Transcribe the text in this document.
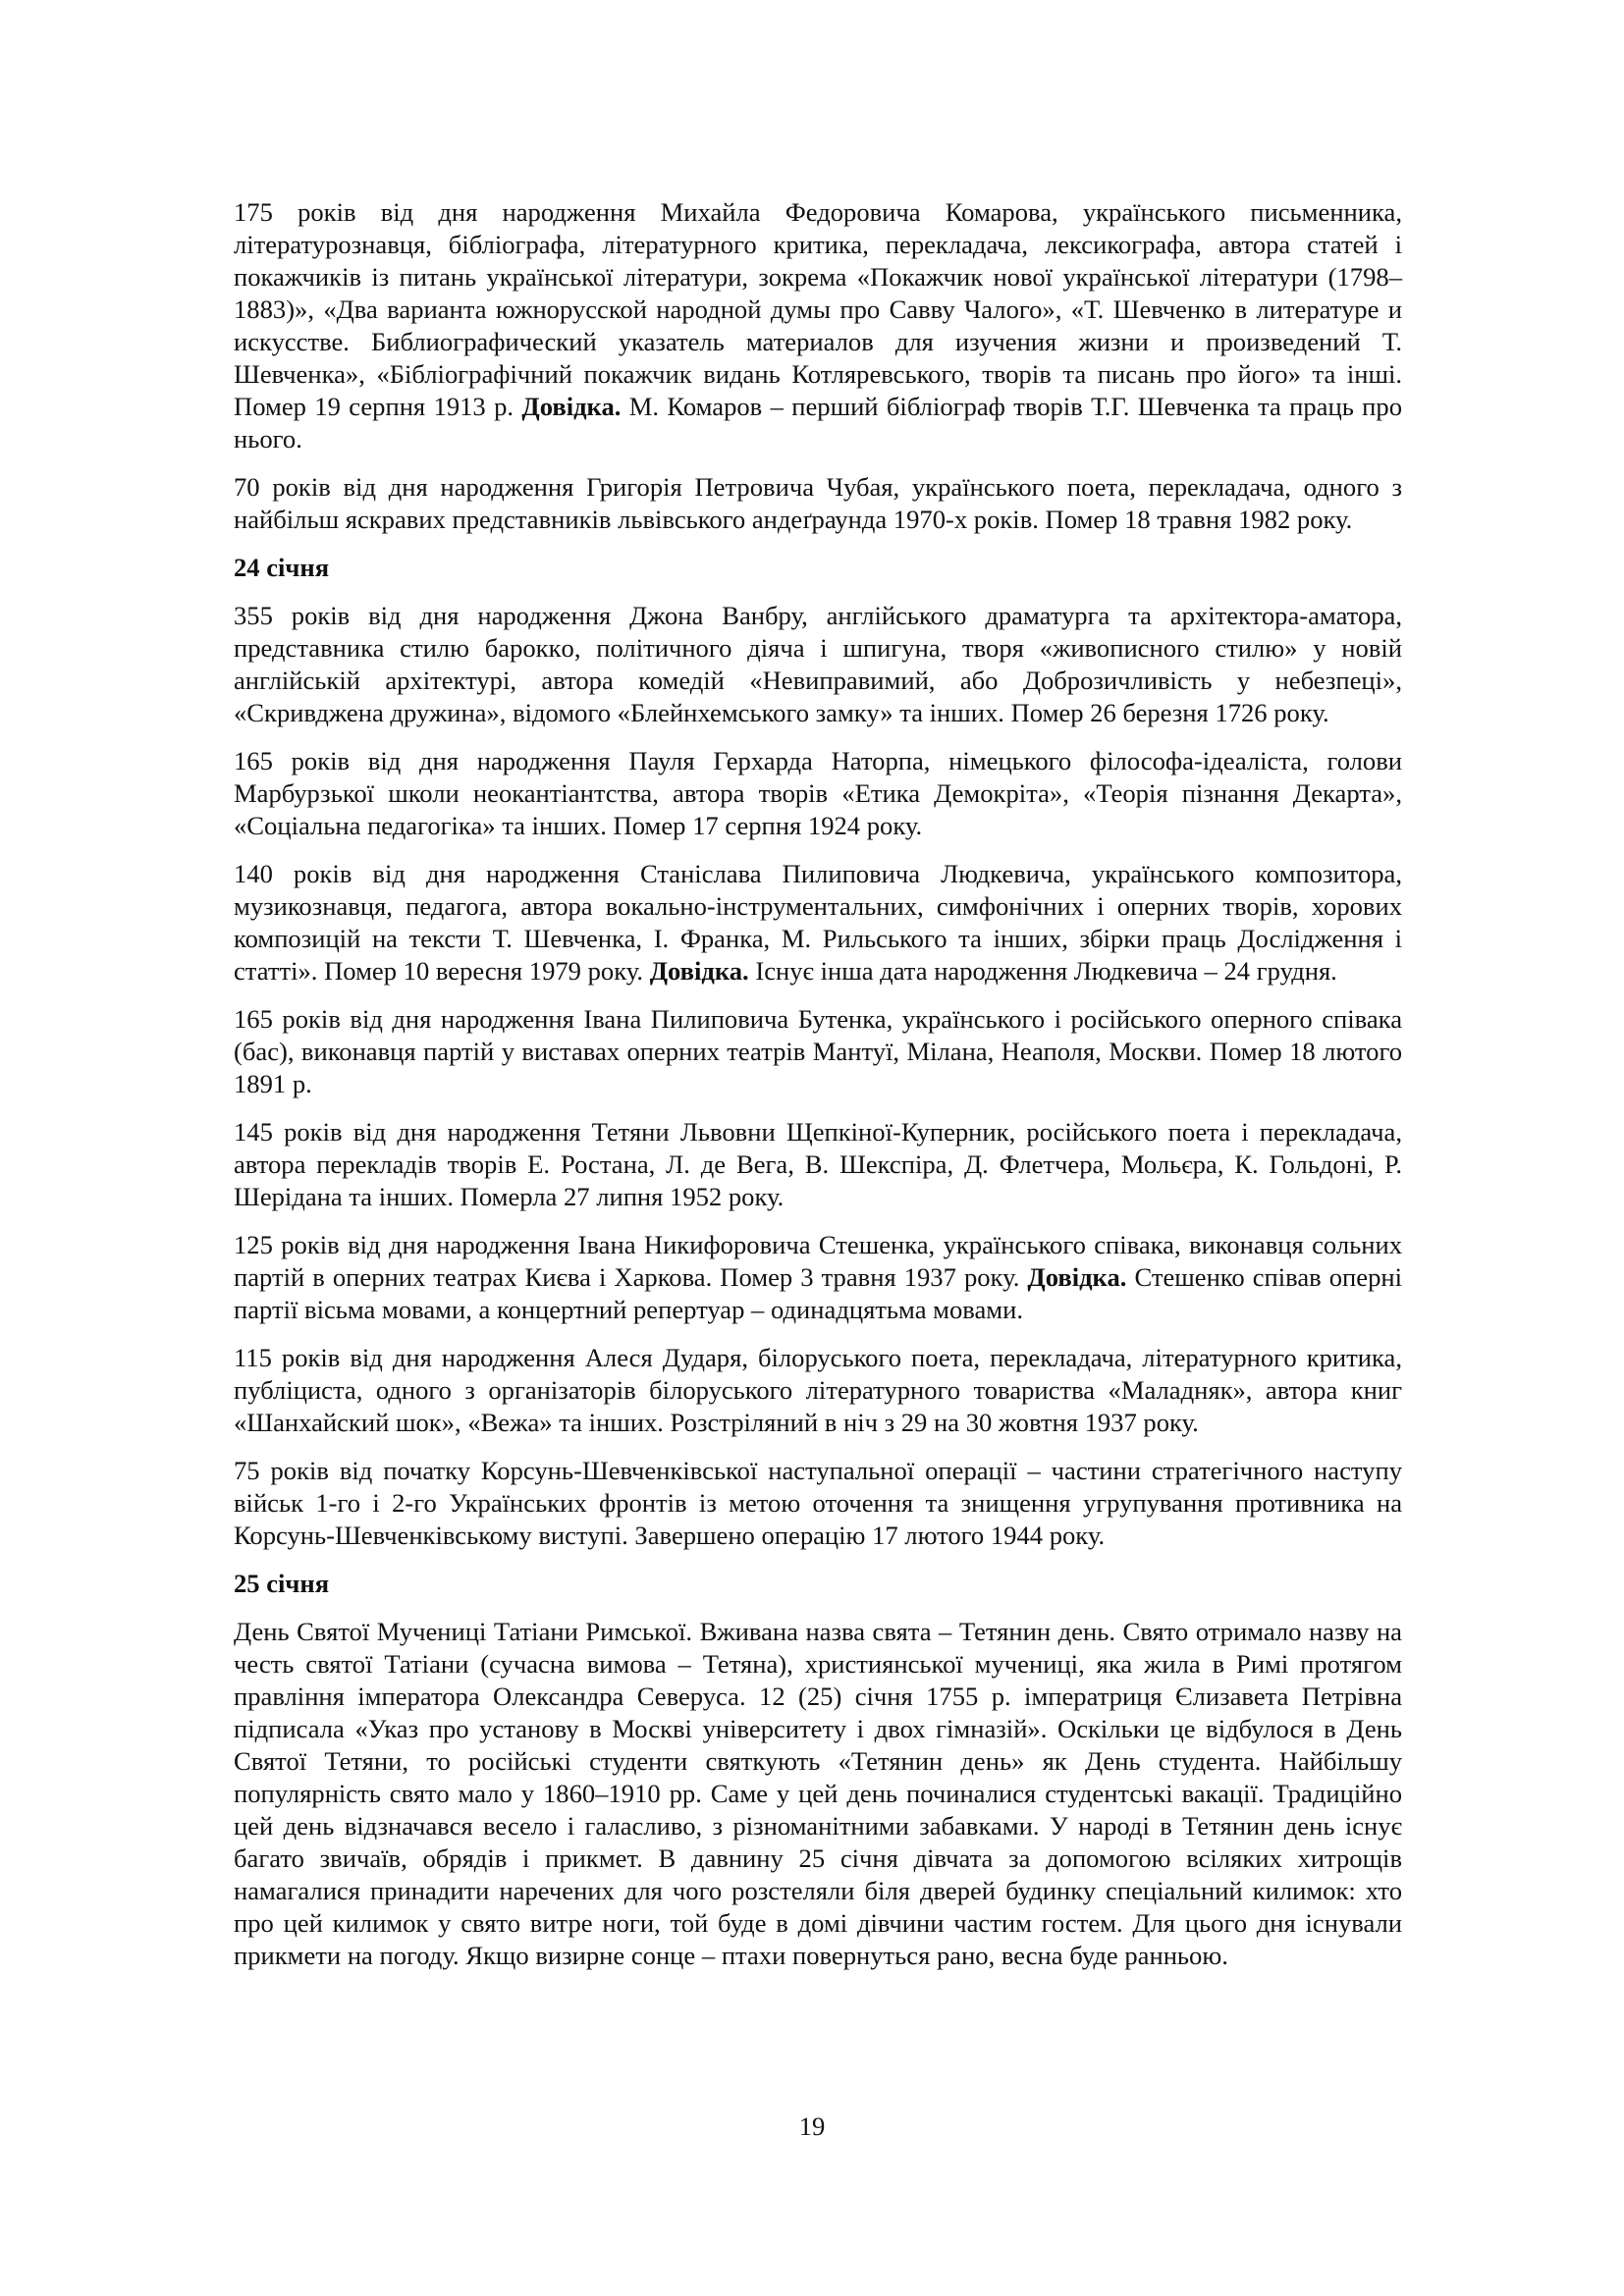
175 років від дня народження Михайла Федоровича Комарова, українського письменника, літературознавця, бібліографа, літературного критика, перекладача, лексикографа, автора статей і покажчиків із питань української літератури, зокрема «Покажчик нової української літератури (1798–1883)», «Два варианта южнорусской народной думы про Савву Чалого», «Т. Шевченко в литературе и искусстве. Библиографический указатель материалов для изучения жизни и произведений Т. Шевченка», «Бібліографічний покажчик видань Котляревського, творів та писань про його» та інші. Помер 19 серпня 1913 р. Довідка. М. Комаров – перший бібліограф творів Т.Г. Шевченка та праць про нього.

70 років від дня народження Григорія Петровича Чубая, українського поета, перекладача, одного з найбільш яскравих представників львівського андеґраунда 1970-х років. Помер 18 травня 1982 року.

24 січня

355 років від дня народження Джона Ванбру, англійського драматурга та архітектора-аматора, представника стилю бароккo, політичного діяча і шпигуна, творя «живописного стилю» у новій англійській архітектурі, автора комедій «Невиправимий, або Доброзичливість у небезпеці», «Скривджена дружина», відомого «Блейнхемського замку» та інших. Помер 26 березня 1726 року.

165 років від дня народження Пауля Герхарда Наторпа, німецького філософа-ідеаліста, голови Марбурзької школи неокантіантства, автора творів «Етика Демокріта», «Теорія пізнання Декарта», «Соціальна педагогіка» та інших. Помер 17 серпня 1924 року.

140 років від дня народження Станіслава Пилиповича Людкевича, українського композитора, музикознавця, педагога, автора вокально-інструментальних, симфонічних і оперних творів, хорових композицій на тексти Т. Шевченка, І. Франка, М. Рильського та інших, збірки праць Дослідження і статті». Помер 10 вересня 1979 року. Довідка. Існує інша дата народження Людкевича – 24 грудня.

165 років від дня народження Івана Пилиповича Бутенка, українського і російського оперного співака (бас), виконавця партій у виставах оперних театрів Мантуї, Мілана, Неаполя, Москви. Помер 18 лютого 1891 р.

145 років від дня народження Тетяни Львовни Щепкіної-Куперник, російського поета і перекладача, автора перекладів творів Е. Ростана, Л. де Вега, В. Шекспіра, Д. Флетчера, Мольєра, К. Гольдоні, Р. Шерідана та інших. Померла 27 липня 1952 року.

125 років від дня народження Івана Никифоровича Стешенка, українського співака, виконавця сольних партій в оперних театрах Києва і Харкова. Помер 3 травня 1937 року. Довідка. Стешенко співав оперні партії вісьма мовами, а концертний репертуар – одинадцятьма мовами.

115 років від дня народження Алеся Дударя, білоруського поета, перекладача, літературного критика, публіциста, одного з організаторів білоруського літературного товариства «Маладняк», автора книг «Шанхайский шок», «Вежа» та інших. Розстріляний в ніч з 29 на 30 жовтня 1937 року.

75 років від початку Корсунь-Шевченківської наступальної операції – частини стратегічного наступу військ 1-го і 2-го Українських фронтів із метою оточення та знищення угрупування противника на Корсунь-Шевченківському виступі. Завершено операцію 17 лютого 1944 року.

25 січня

День Святої Мучениці Татіани Римської. Вживана назва свята – Тетянин день. Свято отримало назву на честь святої Татіани (сучасна вимова – Тетяна), християнської мучениці, яка жила в Римі протягом правління імператора Олександра Северуса. 12 (25) січня 1755 р. імператриця Єлизавета Петрівна підписала «Указ про установу в Москві університету і двох гімназій». Оскільки це відбулося в День Святої Тетяни, то російські студенти святкують «Тетянин день» як День студента. Найбільшу популярність свято мало у 1860–1910 рр. Саме у цей день починалися студентські вакації. Традиційно цей день відзначався весело і галасливо, з різноманітними забавками. У народі в Тетянин день існує багато звичаїв, обрядів і прикмет. В давнину 25 січня дівчата за допомогою всіляких хитрощів намагалися принадити наречених для чого розстеляли біля дверей будинку спеціальний килимок: хто про цей килимок у свято витре ноги, той буде в домі дівчини частим гостем. Для цього дня існували прикмети на погоду. Якщо визирне сонце – птахи повернуться рано, весна буде ранньою.

19
